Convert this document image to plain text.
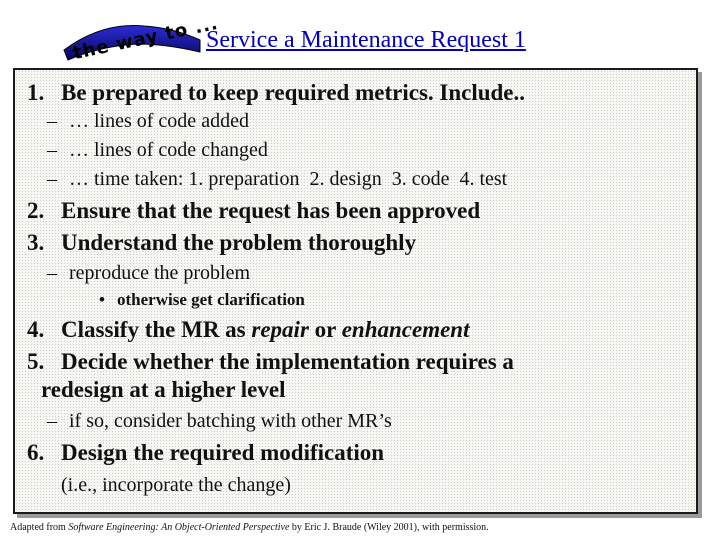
the way to ...
Service a Maintenance Request 1
1. Be prepared to keep required metrics. Include..
– … lines of code added
– … lines of code changed
– … time taken: 1. preparation  2. design  3. code  4. test
2. Ensure that the request has been approved
3. Understand the problem thoroughly
– reproduce the problem
• otherwise get clarification
4. Classify the MR as repair or enhancement
5. Decide whether the implementation requires a
redesign at a higher level
– if so, consider batching with other MR’s
6. Design the required modification
(i.e., incorporate the change)
Adapted from Software Engineering: An Object-Oriented Perspective by Eric J. Braude (Wiley 2001), with permission.
